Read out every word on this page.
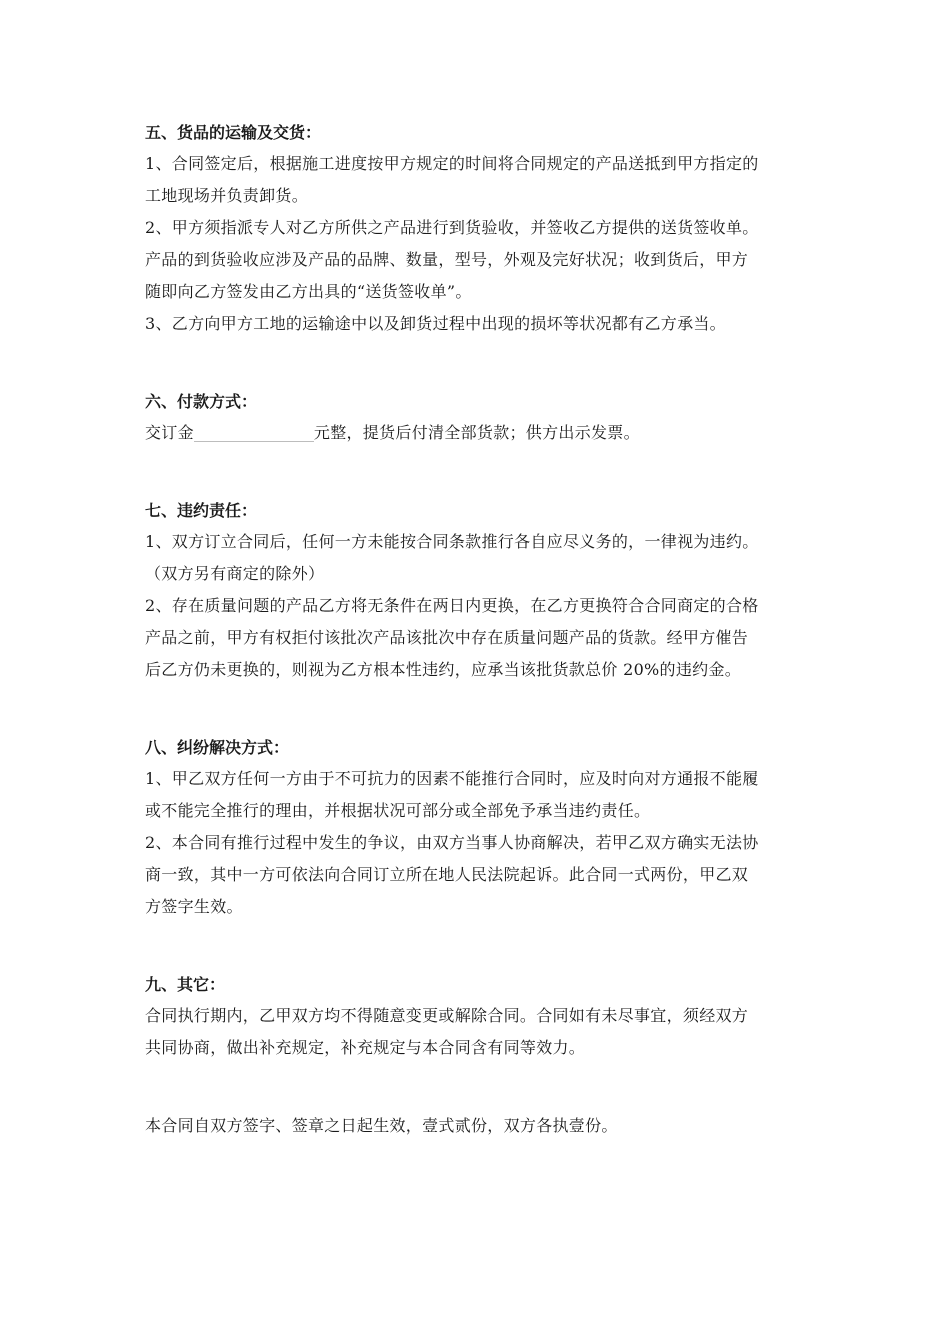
五、货品的运输及交货：

1、合同签定后，根据施工进度按甲方规定的时间将合同规定的产品送抵到甲方指定的

工地现场并负责卸货。

2、甲方须指派专人对乙方所供之产品进行到货验收，并签收乙方提供的送货签收单。

产品的到货验收应涉及产品的品牌、数量，型号，外观及完好状况；收到货后，甲方

随即向乙方签发由乙方出具的“送货签收单”。

3、乙方向甲方工地的运输途中以及卸货过程中出现的损坏等状况都有乙方承当。

六、付款方式：

交订金	元整，提货后付清全部货款；供方出示发票。

七、违约责任：

1、双方订立合同后，任何一方未能按合同条款推行各自应尽义务的，一律视为违约。

（双方另有商定的除外）

2、存在质量问题的产品乙方将无条件在两日内更换，在乙方更换符合合同商定的合格

产品之前，甲方有权拒付该批次产品该批次中存在质量问题产品的货款。经甲方催告

后乙方仍未更换的，则视为乙方根本性违约，应承当该批货款总价 20%的违约金。

八、纠纷解决方式：

1、甲乙双方任何一方由于不可抗力的因素不能推行合同时，应及时向对方通报不能履

或不能完全推行的理由，并根据状况可部分或全部免予承当违约责任。

2、本合同有推行过程中发生的争议，由双方当事人协商解决，若甲乙双方确实无法协

商一致，其中一方可依法向合同订立所在地人民法院起诉。此合同一式两份，甲乙双

方签字生效。

九、其它：

合同执行期内，乙甲双方均不得随意变更或解除合同。合同如有未尽事宜，须经双方

共同协商，做出补充规定，补充规定与本合同含有同等效力。

本合同自双方签字、签章之日起生效，壹式贰份，双方各执壹份。
